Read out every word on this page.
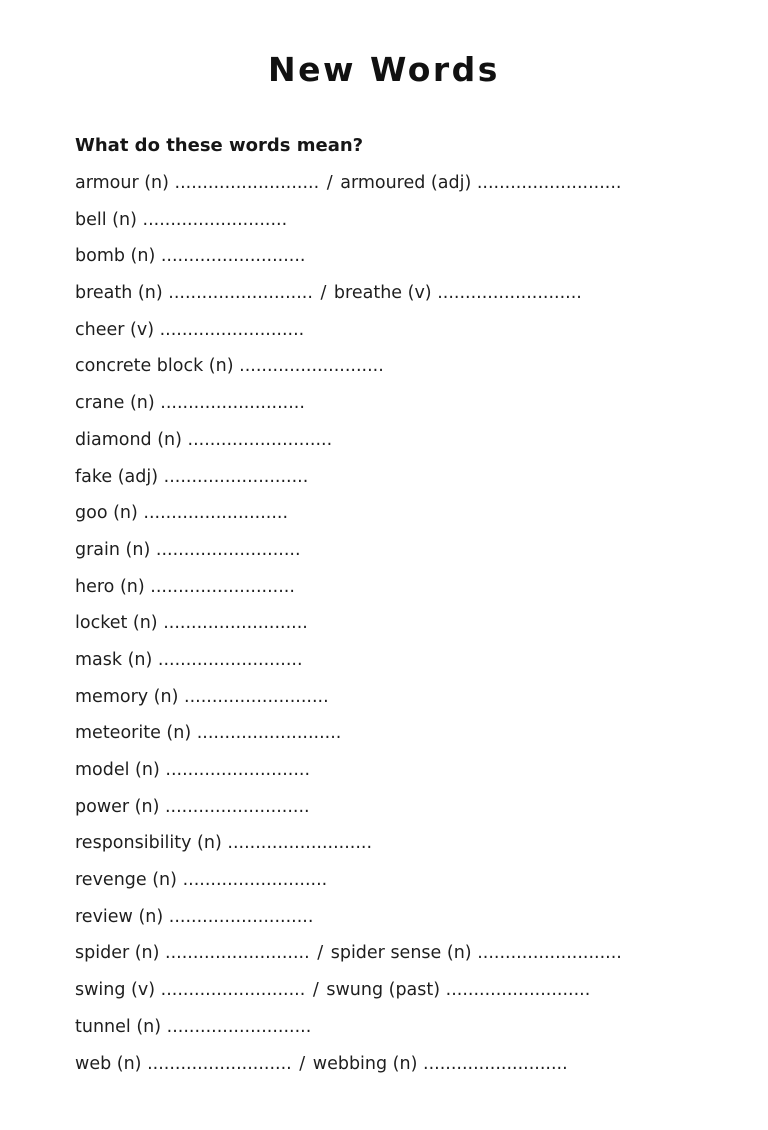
New Words

What do these words mean?

armour (n) .......................... / armoured (adj) ..........................
bell (n) ..........................
bomb (n) ..........................
breath (n) .......................... / breathe (v) ..........................
cheer (v) ..........................
concrete block (n) ..........................
crane (n) ..........................
diamond (n) ..........................
fake (adj) ..........................
goo (n) ..........................
grain (n) ..........................
hero (n) ..........................
locket (n) ..........................
mask (n) ..........................
memory (n) ..........................
meteorite (n) ..........................
model (n) ..........................
power (n) ..........................
responsibility (n) ..........................
revenge (n) ..........................
review (n) ..........................
spider (n) .......................... / spider sense (n) ..........................
swing (v) .......................... / swung (past) ..........................
tunnel (n) ..........................
web (n) .......................... / webbing (n) ..........................
